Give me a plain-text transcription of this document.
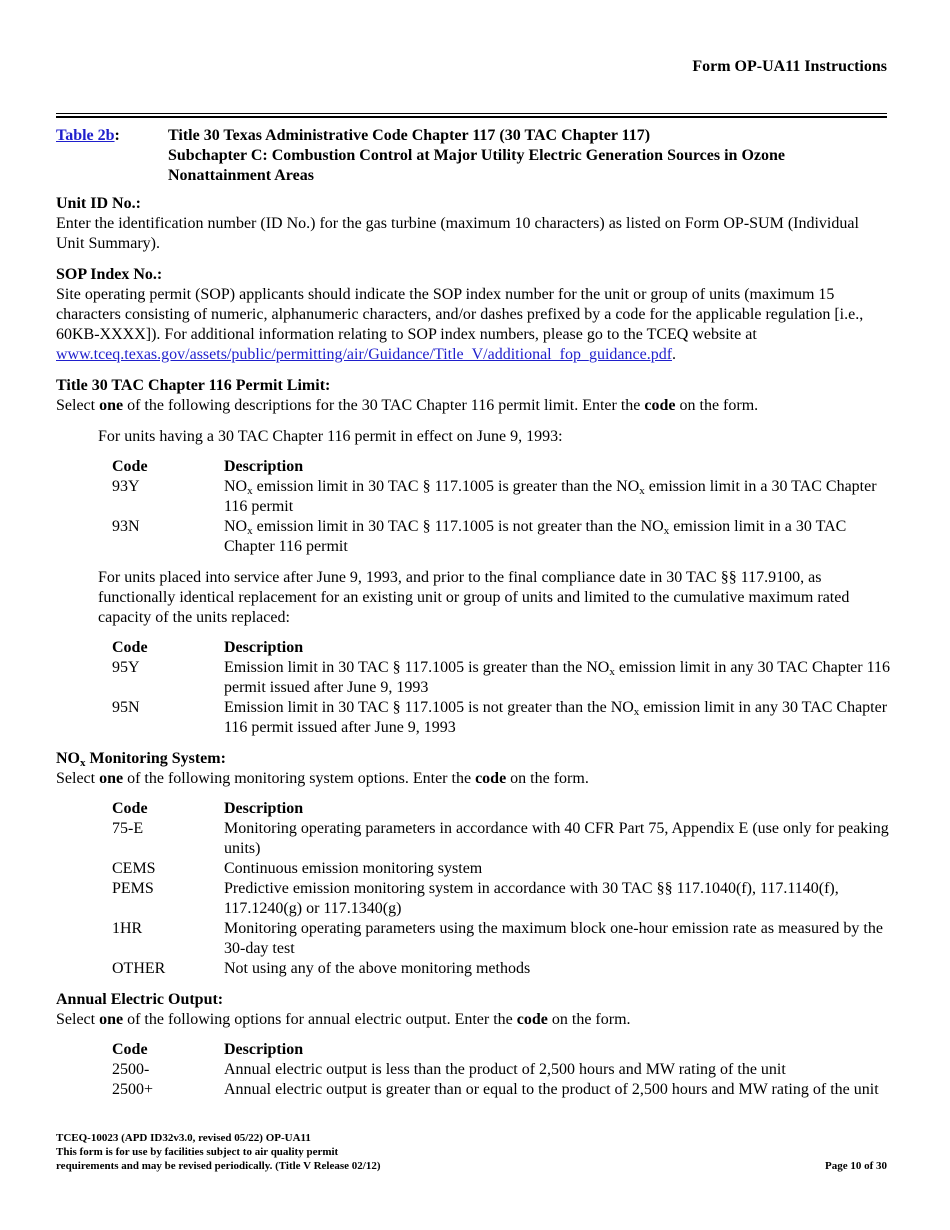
Form OP-UA11 Instructions
Table 2b:	Title 30 Texas Administrative Code Chapter 117 (30 TAC Chapter 117)
Subchapter C: Combustion Control at Major Utility Electric Generation Sources in Ozone
Nonattainment Areas

Unit ID No.:

Enter the identification number (ID No.) for the gas turbine (maximum 10 characters) as listed on Form OP-SUM (Individual Unit Summary).

SOP Index No.:

Site operating permit (SOP) applicants should indicate the SOP index number for the unit or group of units (maximum 15 characters consisting of numeric, alphanumeric characters, and/or dashes prefixed by a code for the applicable regulation [i.e., 60KB-XXXX]). For additional information relating to SOP index numbers, please go to the TCEQ website at www.tceq.texas.gov/assets/public/permitting/air/Guidance/Title_V/additional_fop_guidance.pdf.

Title 30 TAC Chapter 116 Permit Limit:

Select one of the following descriptions for the 30 TAC Chapter 116 permit limit. Enter the code on the form.

For units having a 30 TAC Chapter 116 permit in effect on June 9, 1993:

Code	Description
93Y	$NO_x$ emission limit in 30 TAC § 117.1005 is greater than the $NO_x$ emission limit in a 30 TAC Chapter 116 permit
93N	$NO_x$ emission limit in 30 TAC § 117.1005 is not greater than the $NO_x$ emission limit in a 30 TAC Chapter 116 permit

For units placed into service after June 9, 1993, and prior to the final compliance date in 30 TAC §§ 117.9100, as functionally identical replacement for an existing unit or group of units and limited to the cumulative maximum rated capacity of the units replaced:

Code	Description
95Y	Emission limit in 30 TAC § 117.1005 is greater than the $NO_x$ emission limit in any 30 TAC Chapter 116 permit issued after June 9, 1993
95N	Emission limit in 30 TAC § 117.1005 is not greater than the $NO_x$ emission limit in any 30 TAC Chapter 116 permit issued after June 9, 1993

$NO_x$ Monitoring System:

Select one of the following monitoring system options. Enter the code on the form.

Code	Description
75-E	Monitoring operating parameters in accordance with 40 CFR Part 75, Appendix E (use only for peaking units)
CEMS	Continuous emission monitoring system
PEMS	Predictive emission monitoring system in accordance with 30 TAC §§ 117.1040(f), 117.1140(f), 117.1240(g) or 117.1340(g)
1HR	Monitoring operating parameters using the maximum block one-hour emission rate as measured by the 30-day test
OTHER	Not using any of the above monitoring methods

Annual Electric Output:

Select one of the following options for annual electric output. Enter the code on the form.

Code	Description
2500-	Annual electric output is less than the product of 2,500 hours and MW rating of the unit
2500+	Annual electric output is greater than or equal to the product of 2,500 hours and MW rating of the unit
TCEQ-10023 (APD ID32v3.0, revised 05/22) OP-UA11
This form is for use by facilities subject to air quality permit
requirements and may be revised periodically. (Title V Release 02/12)	Page 10 of 30
